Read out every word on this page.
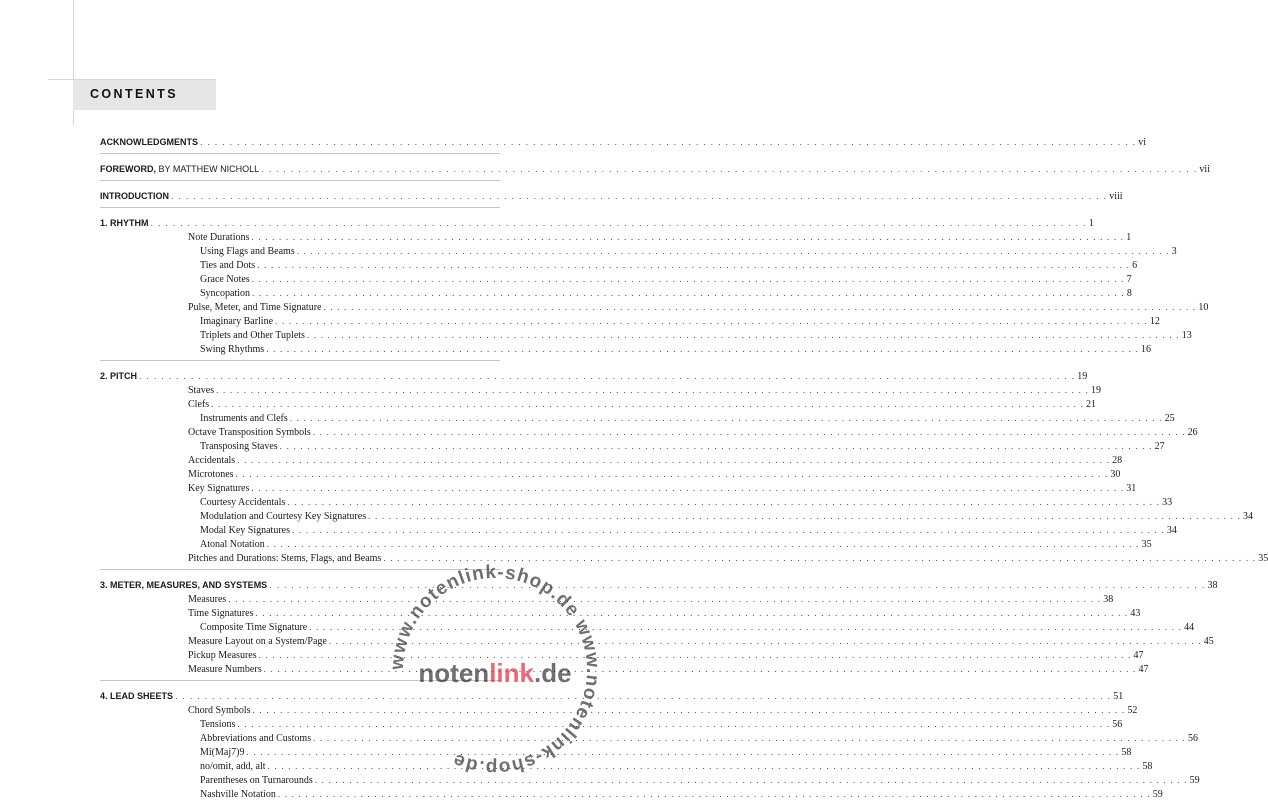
CONTENTS
ACKNOWLEDGMENTS . . .	vi
FOREWORD, BY MATTHEW NICHOLL . . .	vii
INTRODUCTION . . .	viii
1. RHYTHM . . .	1
Note Durations . . .	1
Using Flags and Beams . . .	3
Ties and Dots . . .	6
Grace Notes . . .	7
Syncopation . . .	8
Pulse, Meter, and Time Signature . . .	10
Imaginary Barline . . .	12
Triplets and Other Tuplets . . .	13
Swing Rhythms . . .	16
2. PITCH . . .	19
Staves . . .	19
Clefs . . .	21
Instruments and Clefs . . .	25
Octave Transposition Symbols . . .	26
Transposing Staves . . .	27
Accidentals . . .	28
Microtones . . .	30
Key Signatures . . .	31
Courtesy Accidentals . . .	33
Modulation and Courtesy Key Signatures . . .	34
Modal Key Signatures . . .	34
Atonal Notation . . .	35
Pitches and Durations: Stems, Flags, and Beams . . .	35
3. METER, MEASURES, AND SYSTEMS . . .	38
Measures . . .	38
Time Signatures . . .	43
Composite Time Signature . . .	44
Measure Layout on a System/Page . . .	45
Pickup Measures . . .	47
Measure Numbers . . .	47
4. LEAD SHEETS . . .	51
Chord Symbols . . .	52
Tensions . . .	56
Abbreviations and Customs . . .	56
Mi(Maj7)9 . . .	58
no/omit, add, alt . . .	58
Parentheses on Turnarounds . . .	59
Nashville Notation . . .	59
www.notenlink-shop.de www.notenlink-shop.de
notenlink.de
